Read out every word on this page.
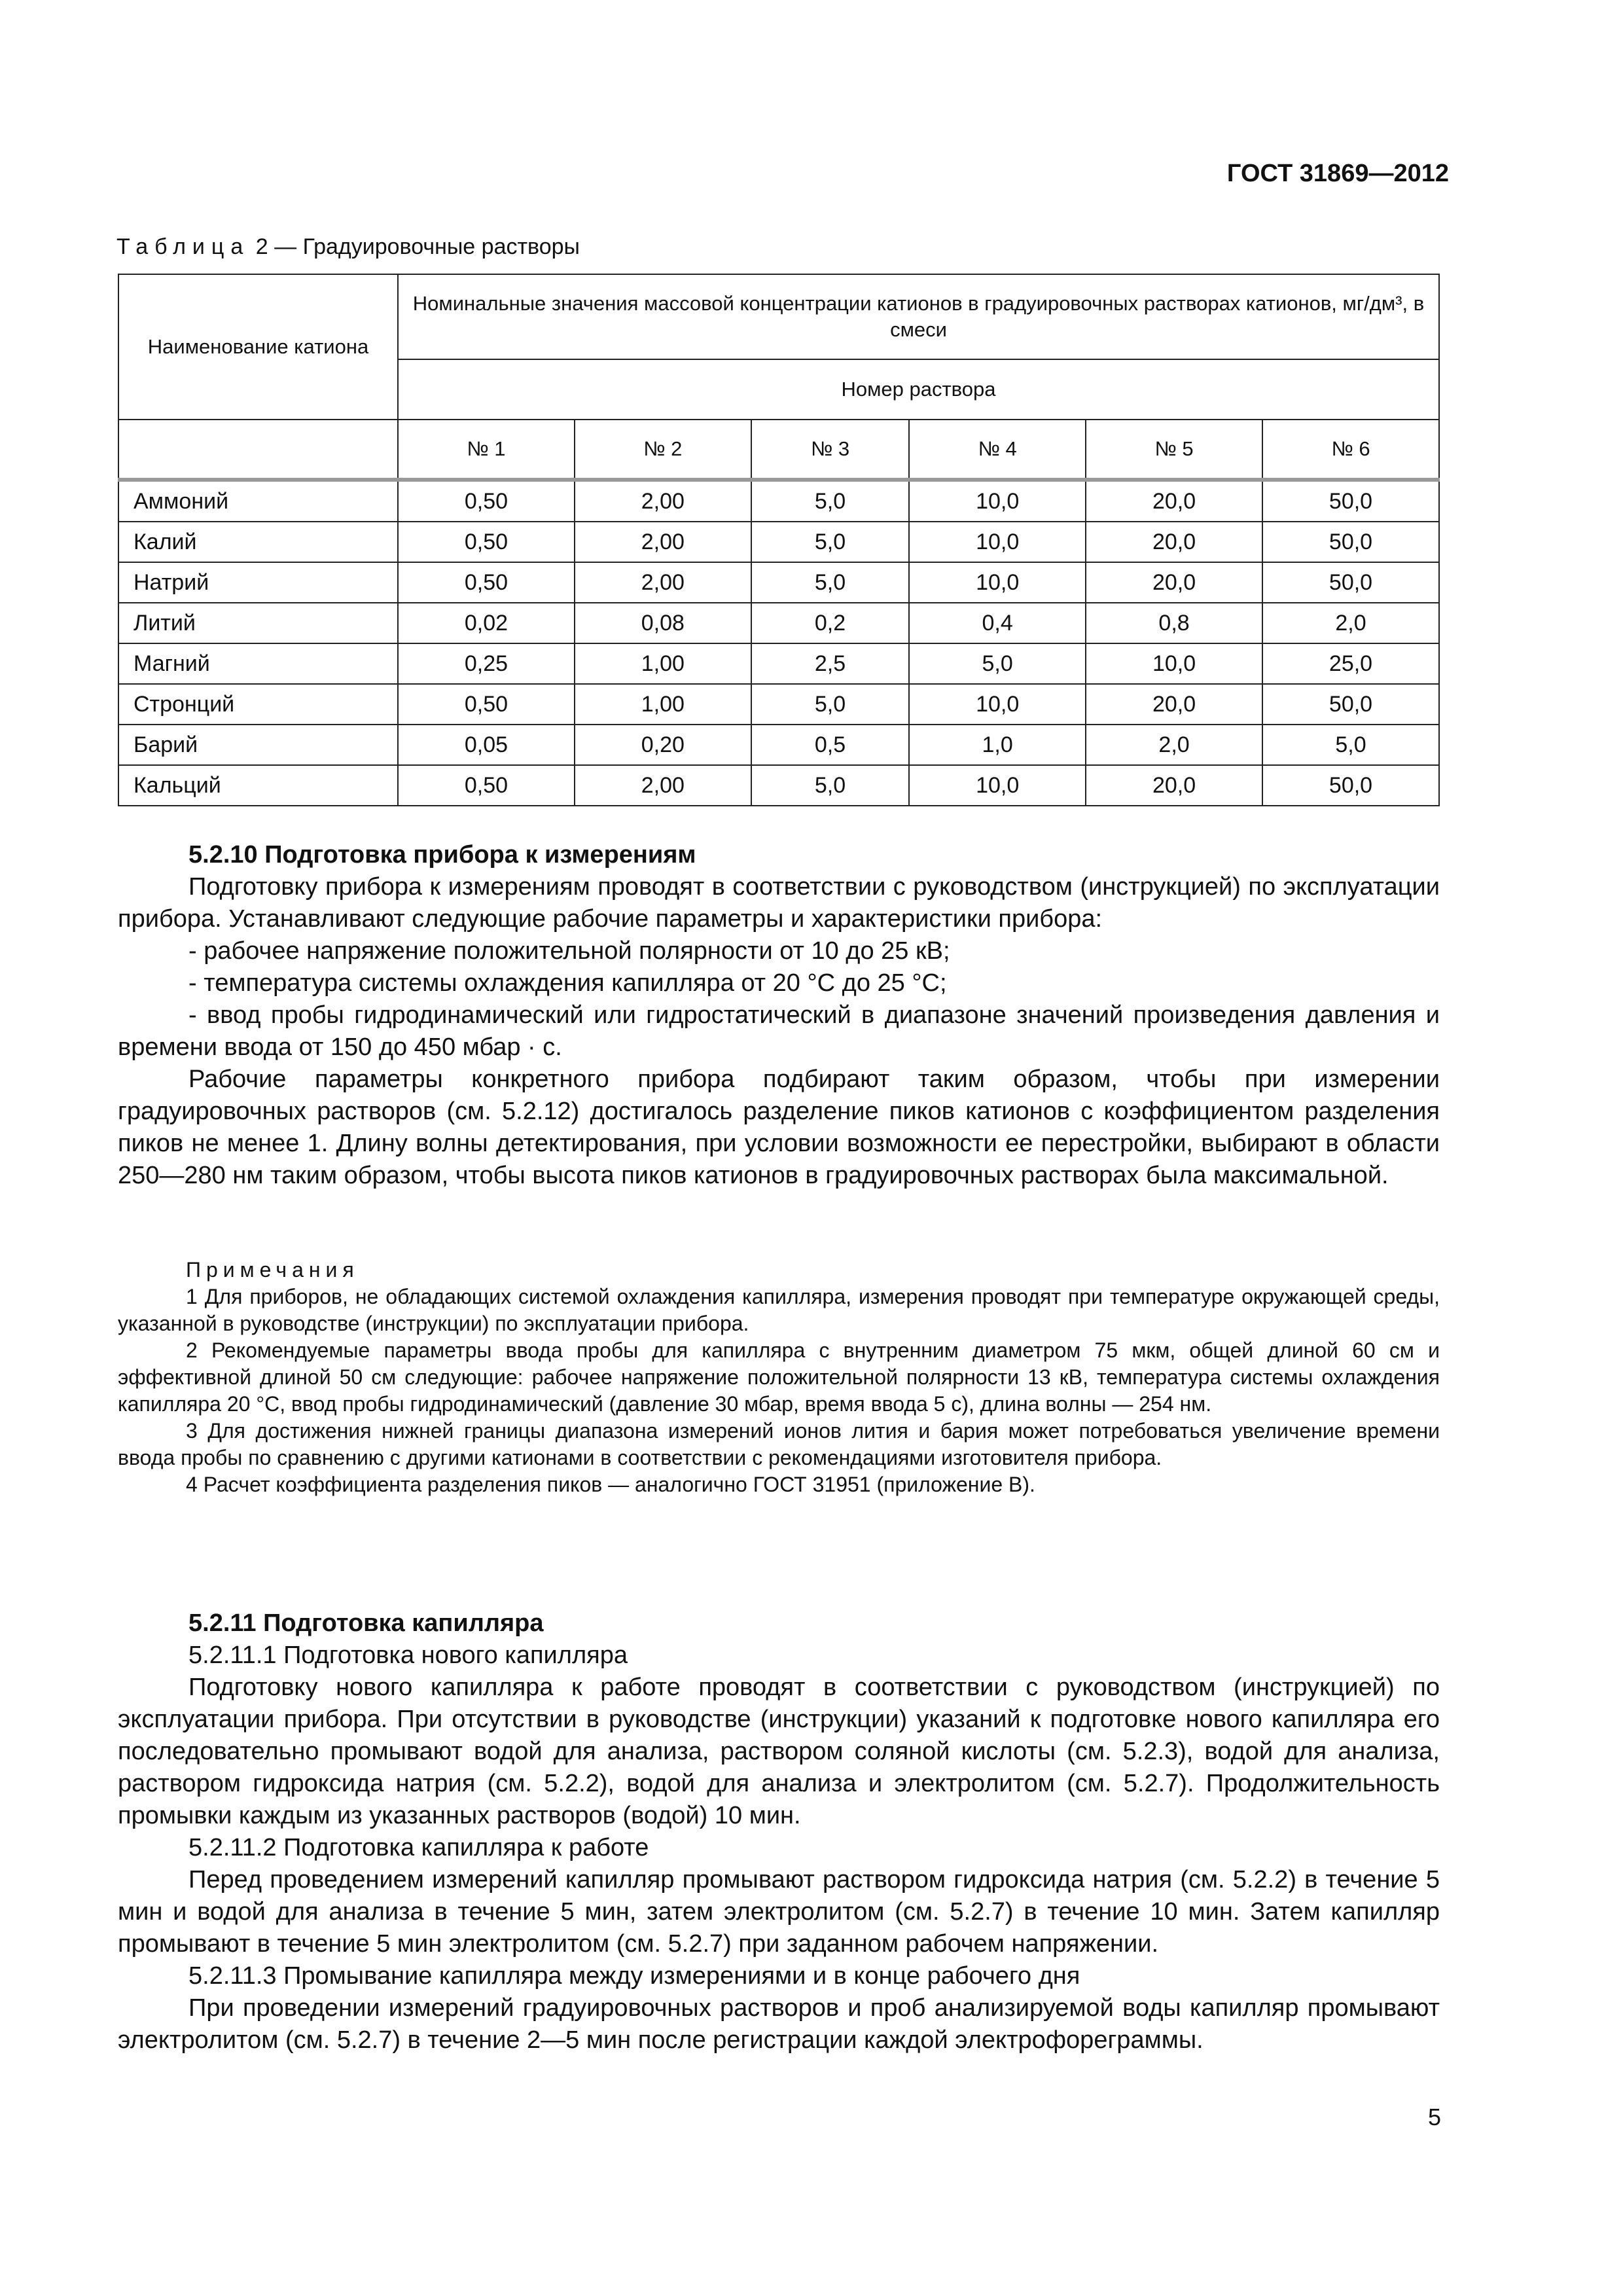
ГОСТ 31869—2012
Таблица 2 — Градуировочные растворы
Наименование катиона	Номинальные значения массовой концентрации катионов в градуировочных растворах катионов, мг/дм³, в смеси					
	Номер раствора					
	№ 1	№ 2	№ 3	№ 4	№ 5	№ 6
Аммоний	0,50	2,00	5,0	10,0	20,0	50,0
Калий	0,50	2,00	5,0	10,0	20,0	50,0
Натрий	0,50	2,00	5,0	10,0	20,0	50,0
Литий	0,02	0,08	0,2	0,4	0,8	2,0
Магний	0,25	1,00	2,5	5,0	10,0	25,0
Стронций	0,50	1,00	5,0	10,0	20,0	50,0
Барий	0,05	0,20	0,5	1,0	2,0	5,0
Кальций	0,50	2,00	5,0	10,0	20,0	50,0

5.2.10 Подготовка прибора к измерениям

Подготовку прибора к измерениям проводят в соответствии с руководством (инструкцией) по эксплуатации прибора. Устанавливают следующие рабочие параметры и характеристики прибора:

- рабочее напряжение положительной полярности от 10 до 25 кВ;

- температура системы охлаждения капилляра от 20 °С до 25 °С;

- ввод пробы гидродинамический или гидростатический в диапазоне значений произведения давления и времени ввода от 150 до 450 мбар · с.

Рабочие параметры конкретного прибора подбирают таким образом, чтобы при измерении градуировочных растворов (см. 5.2.12) достигалось разделение пиков катионов с коэффициентом разделения пиков не менее 1. Длину волны детектирования, при условии возможности ее перестройки, выбирают в области 250—280 нм таким образом, чтобы высота пиков катионов в градуировочных растворах была максимальной.

Примечания

1 Для приборов, не обладающих системой охлаждения капилляра, измерения проводят при температуре окружающей среды, указанной в руководстве (инструкции) по эксплуатации прибора.

2 Рекомендуемые параметры ввода пробы для капилляра с внутренним диаметром 75 мкм, общей длиной 60 см и эффективной длиной 50 см следующие: рабочее напряжение положительной полярности 13 кВ, температура системы охлаждения капилляра 20 °С, ввод пробы гидродинамический (давление 30 мбар, время ввода 5 с), длина волны — 254 нм.

3 Для достижения нижней границы диапазона измерений ионов лития и бария может потребоваться увеличение времени ввода пробы по сравнению с другими катионами в соответствии с рекомендациями изготовителя прибора.

4 Расчет коэффициента разделения пиков — аналогично ГОСТ 31951 (приложение В).

5.2.11 Подготовка капилляра

5.2.11.1 Подготовка нового капилляра

Подготовку нового капилляра к работе проводят в соответствии с руководством (инструкцией) по эксплуатации прибора. При отсутствии в руководстве (инструкции) указаний к подготовке нового капилляра его последовательно промывают водой для анализа, раствором соляной кислоты (см. 5.2.3), водой для анализа, раствором гидроксида натрия (см. 5.2.2), водой для анализа и электролитом (см. 5.2.7). Продолжительность промывки каждым из указанных растворов (водой) 10 мин.

5.2.11.2 Подготовка капилляра к работе

Перед проведением измерений капилляр промывают раствором гидроксида натрия (см. 5.2.2) в течение 5 мин и водой для анализа в течение 5 мин, затем электролитом (см. 5.2.7) в течение 10 мин. Затем капилляр промывают в течение 5 мин электролитом (см. 5.2.7) при заданном рабочем напряжении.

5.2.11.3 Промывание капилляра между измерениями и в конце рабочего дня

При проведении измерений градуировочных растворов и проб анализируемой воды капилляр промывают электролитом (см. 5.2.7) в течение 2—5 мин после регистрации каждой электрофореграммы.

5
